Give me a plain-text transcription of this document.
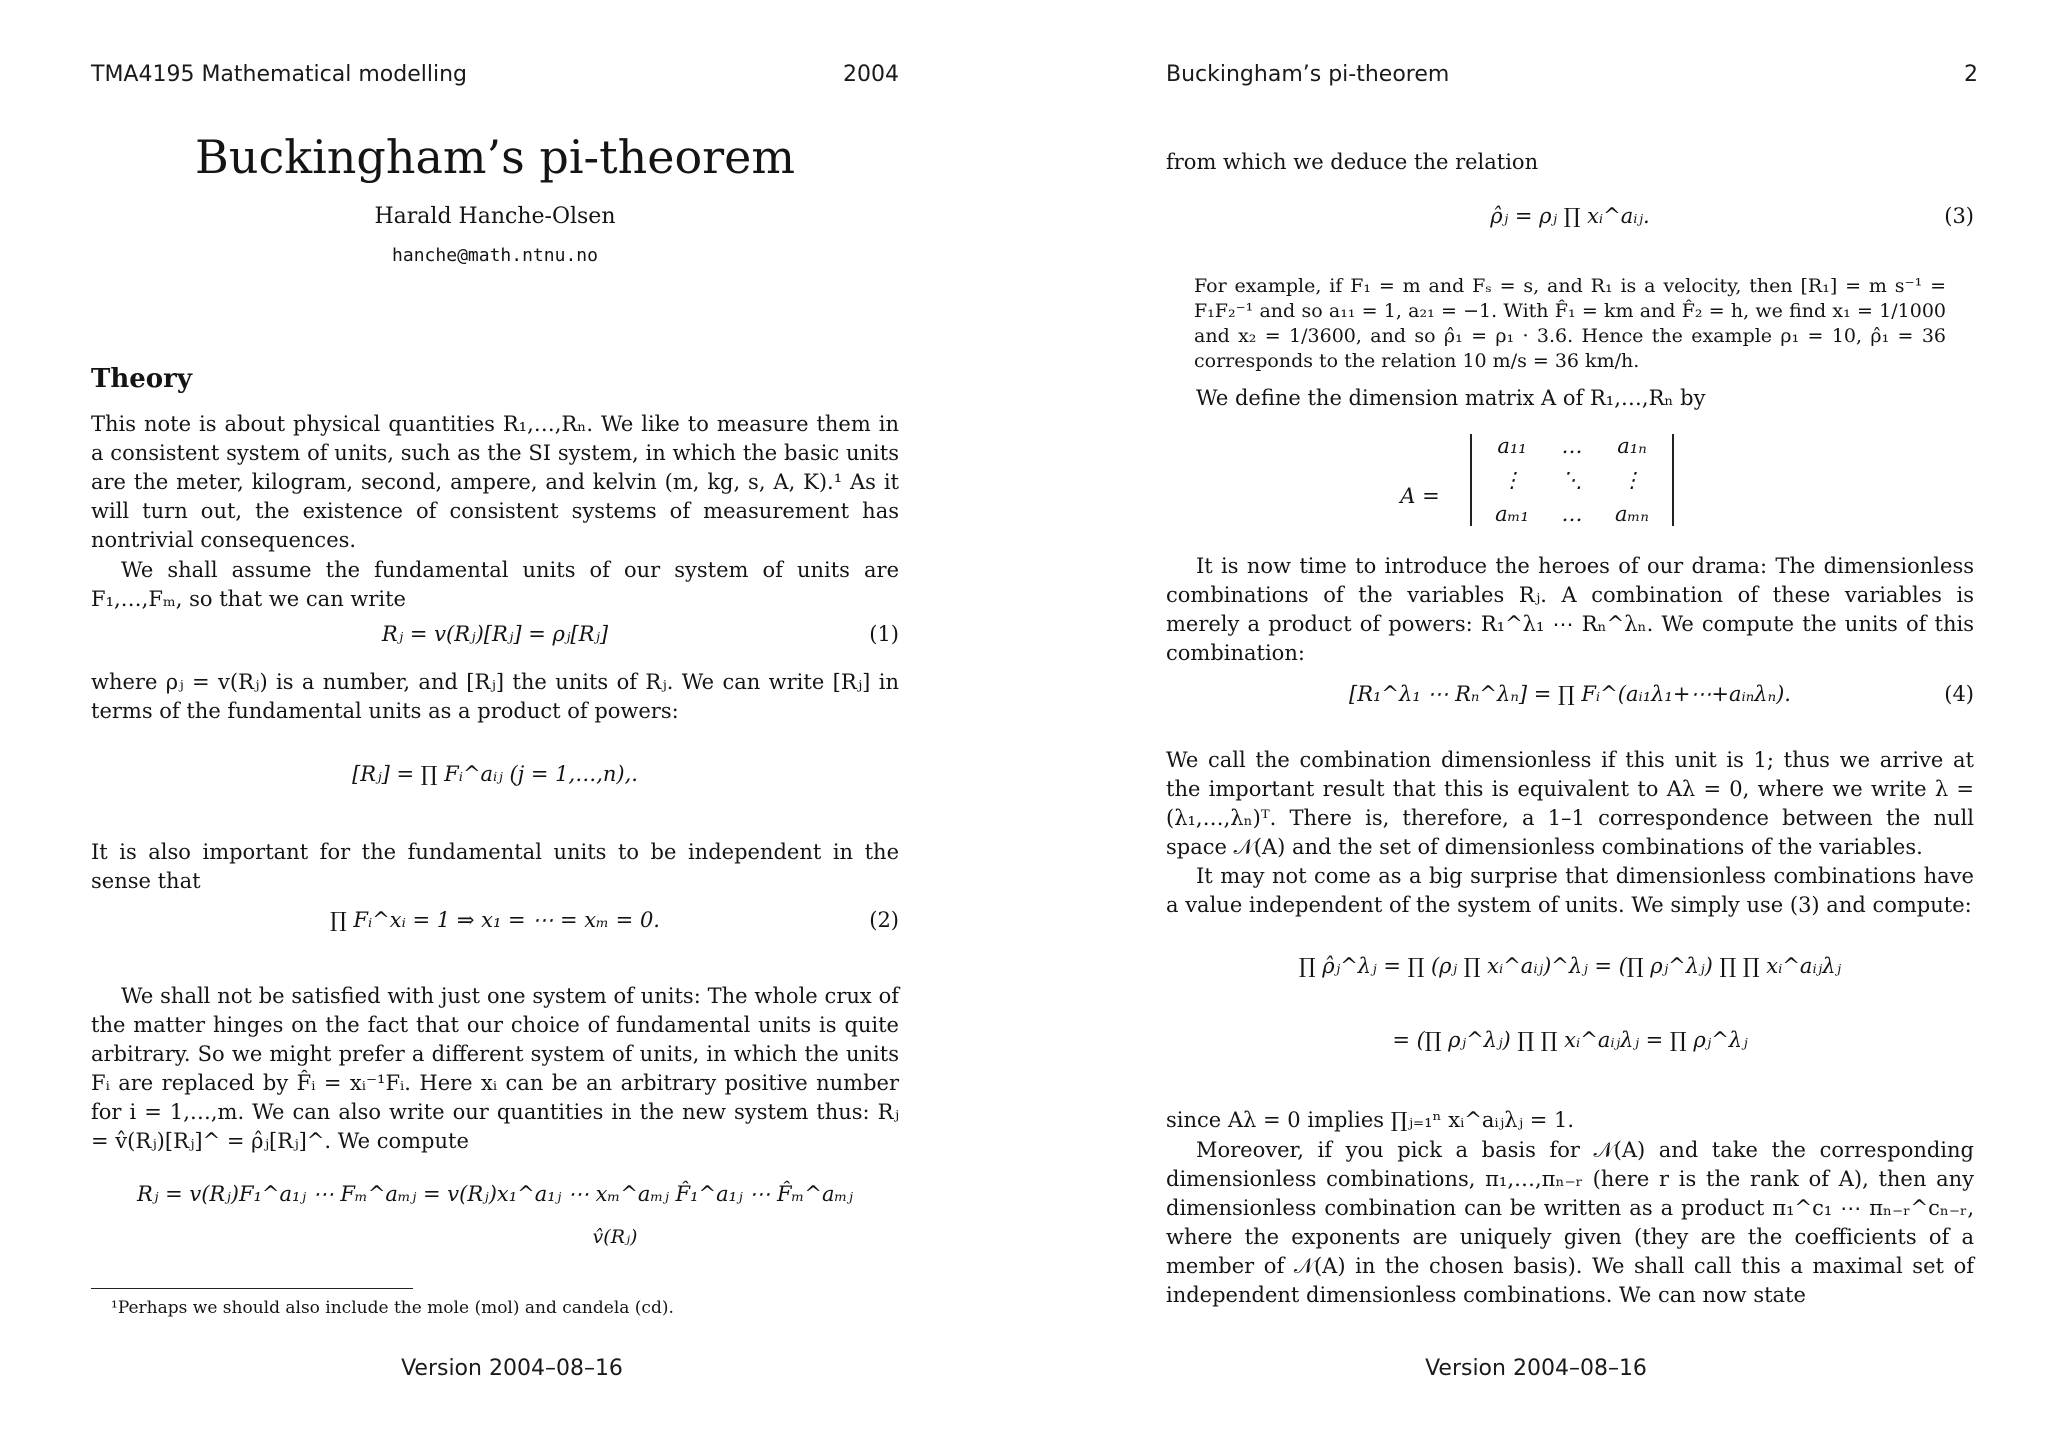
TMA4195 Mathematical modelling	2004
Buckingham’s pi-theorem
Harald Hanche-Olsen
hanche@math.ntnu.no
Theory

This note is about physical quantities R₁,…,Rₙ. We like to measure them in a consistent system of units, such as the SI system, in which the basic units are the meter, kilogram, second, ampere, and kelvin (m, kg, s, A, K).¹ As it will turn out, the existence of consistent systems of measurement has nontrivial consequences.

We shall assume the fundamental units of our system of units are F₁,…,Fₘ, so that we can write

Rⱼ = v(Rⱼ)[Rⱼ] = ρⱼ[Rⱼ]	(1)

where ρⱼ = v(Rⱼ) is a number, and [Rⱼ] the units of Rⱼ. We can write [Rⱼ] in terms of the fundamental units as a product of powers:

[Rⱼ] = ∏ Fᵢ^aᵢⱼ (j = 1,…,n),.

It is also important for the fundamental units to be independent in the sense that

∏ Fᵢ^xᵢ = 1 ⇒ x₁ = ⋯ = xₘ = 0.	(2)

We shall not be satisfied with just one system of units: The whole crux of the matter hinges on the fact that our choice of fundamental units is quite arbitrary. So we might prefer a different system of units, in which the units Fᵢ are replaced by F̂ᵢ = xᵢ⁻¹Fᵢ. Here xᵢ can be an arbitrary positive number for i = 1,…,m. We can also write our quantities in the new system thus: Rⱼ = v̂(Rⱼ)[Rⱼ]^ = ρ̂ⱼ[Rⱼ]^. We compute

Rⱼ = v(Rⱼ)F₁^a₁ⱼ ⋯ Fₘ^aₘⱼ = v(Rⱼ)x₁^a₁ⱼ ⋯ xₘ^aₘⱼ F̂₁^a₁ⱼ ⋯ F̂ₘ^aₘⱼ
v̂(Rⱼ)
¹Perhaps we should also include the mole (mol) and candela (cd).
Version 2004–08–16
Buckingham’s pi-theorem	2

from which we deduce the relation

ρ̂ⱼ = ρⱼ ∏ xᵢ^aᵢⱼ.	(3)

For example, if F₁ = m and Fₛ = s, and R₁ is a velocity, then [R₁] = m s⁻¹ = F₁F₂⁻¹ and so a₁₁ = 1, a₂₁ = −1. With F̂₁ = km and F̂₂ = h, we find x₁ = 1/1000 and x₂ = 1/3600, and so ρ̂₁ = ρ₁ · 3.6. Hence the example ρ₁ = 10, ρ̂₁ = 36 corresponds to the relation 10 m/s = 36 km/h.

We define the dimension matrix A of R₁,…,Rₙ by

A =
a₁₁	…	a₁ₙ
⋮	⋱	⋮
aₘ₁	…	aₘₙ

It is now time to introduce the heroes of our drama: The dimensionless combinations of the variables Rⱼ. A combination of these variables is merely a product of powers: R₁^λ₁ ⋯ Rₙ^λₙ. We compute the units of this combination:

[R₁^λ₁ ⋯ Rₙ^λₙ] = ∏ Fᵢ^(aᵢ₁λ₁+⋯+aᵢₙλₙ).	(4)

We call the combination dimensionless if this unit is 1; thus we arrive at the important result that this is equivalent to Aλ = 0, where we write λ = (λ₁,…,λₙ)ᵀ. There is, therefore, a 1–1 correspondence between the null space 𝒩(A) and the set of dimensionless combinations of the variables.

It may not come as a big surprise that dimensionless combinations have a value independent of the system of units. We simply use (3) and compute:

∏ ρ̂ⱼ^λⱼ = ∏ (ρⱼ ∏ xᵢ^aᵢⱼ)^λⱼ = (∏ ρⱼ^λⱼ) ∏ ∏ xᵢ^aᵢⱼλⱼ
= (∏ ρⱼ^λⱼ) ∏ ∏ xᵢ^aᵢⱼλⱼ = ∏ ρⱼ^λⱼ

since Aλ = 0 implies ∏ⱼ₌₁ⁿ xᵢ^aᵢⱼλⱼ = 1.

Moreover, if you pick a basis for 𝒩(A) and take the corresponding dimensionless combinations, π₁,…,πₙ₋ᵣ (here r is the rank of A), then any dimensionless combination can be written as a product π₁^c₁ ⋯ πₙ₋ᵣ^cₙ₋ᵣ, where the exponents are uniquely given (they are the coefficients of a member of 𝒩(A) in the chosen basis). We shall call this a maximal set of independent dimensionless combinations. We can now state

Version 2004–08–16
